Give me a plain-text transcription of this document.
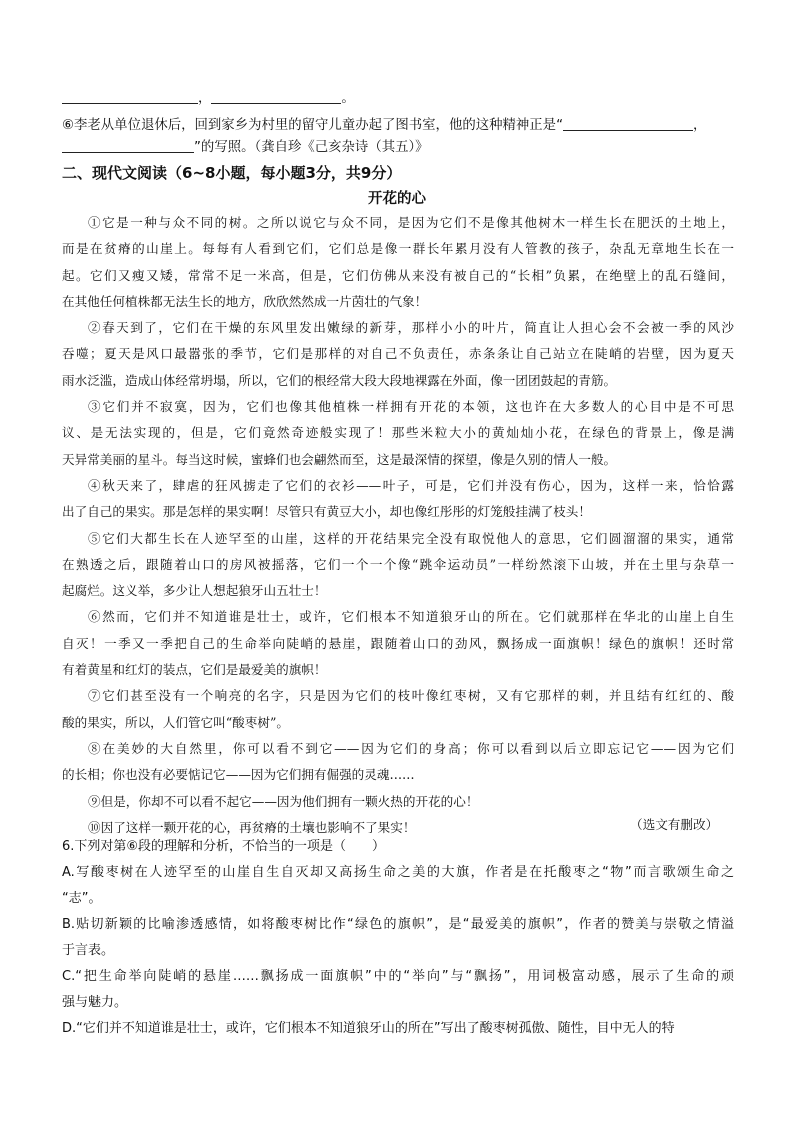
，	。
⑥李老从单位退休后，回到家乡为村里的留守儿童办起了图书室，他的这种精神正是“	，
”的写照。（龚自珍《己亥杂诗（其五）》
二、现代文阅读（6~8小题，每小题3分，共9分）
开花的心

①它是一种与众不同的树。之所以说它与众不同，是因为它们不是像其他树木一样生长在肥沃的土地上，

而是在贫瘠的山崖上。每每有人看到它们，它们总是像一群长年累月没有人管教的孩子，杂乱无章地生长在一

起。它们又瘦又矮，常常不足一米高，但是，它们仿佛从来没有被自己的“长相”负累，在绝壁上的乱石缝间，

在其他任何植株都无法生长的地方，欣欣然然成一片茵壮的气象！

②春天到了，它们在干燥的东风里发出嫩绿的新芽，那样小小的叶片，简直让人担心会不会被一季的风沙

吞噬；夏天是风口最嚣张的季节，它们是那样的对自己不负责任，赤条条让自己站立在陡峭的岩壁，因为夏天

雨水泛滥，造成山体经常坍塌，所以，它们的根经常大段大段地裸露在外面，像一团团鼓起的青筋。

③它们并不寂寞，因为，它们也像其他植株一样拥有开花的本领，这也许在大多数人的心目中是不可思

议、是无法实现的，但是，它们竟然奇迹般实现了！那些米粒大小的黄灿灿小花，在绿色的背景上，像是满

天异常美丽的星斗。每当这时候，蜜蜂们也会翩然而至，这是最深情的探望，像是久别的情人一般。

④秋天来了，肆虐的狂风掳走了它们的衣衫——叶子，可是，它们并没有伤心，因为，这样一来，恰恰露

出了自己的果实。那是怎样的果实啊！尽管只有黄豆大小，却也像红彤彤的灯笼般挂满了枝头！

⑤它们大都生长在人迹罕至的山崖，这样的开花结果完全没有取悦他人的意思，它们圆溜溜的果实，通常

在熟透之后，跟随着山口的房风被摇落，它们一个一个像“跳伞运动员”一样纷然滚下山坡，并在土里与杂草一

起腐烂。这义举，多少让人想起狼牙山五壮士！

⑥然而，它们并不知道谁是壮士，或许，它们根本不知道狼牙山的所在。它们就那样在华北的山崖上自生

自灭！一季又一季把自己的生命举向陡峭的悬崖，跟随着山口的劲风，飘扬成一面旗帜！绿色的旗帜！还时常

有着黄星和红灯的装点，它们是最爱美的旗帜！

⑦它们甚至没有一个响亮的名字，只是因为它们的枝叶像红枣树，又有它那样的刺，并且结有红红的、酸

酸的果实，所以，人们管它叫“酸枣树”。

⑧在美妙的大自然里，你可以看不到它——因为它们的身高；你可以看到以后立即忘记它——因为它们

的长相；你也没有必要惦记它——因为它们拥有倔强的灵魂……

⑨但是，你却不可以看不起它——因为他们拥有一颗火热的开花的心！

⑩因了这样一颗开花的心，再贫瘠的土壤也影响不了果实！	（选文有删改）

6.下列对第⑥段的理解和分析，不恰当的一项是（　　）

A.写酸枣树在人迹罕至的山崖自生自灭却又高扬生命之美的大旗，作者是在托酸枣之“物”而言歌颂生命之

“志”。

B.贴切新颖的比喻渗透感情，如将酸枣树比作“绿色的旗帜”，是“最爱美的旗帜”，作者的赞美与崇敬之情溢

于言表。

C.“把生命举向陡峭的悬崖……飘扬成一面旗帜”中的“举向”与“飘扬”，用词极富动感，展示了生命的顽

强与魅力。

D.“它们并不知道谁是壮士，或许，它们根本不知道狼牙山的所在”写出了酸枣树孤傲、随性，目中无人的特
